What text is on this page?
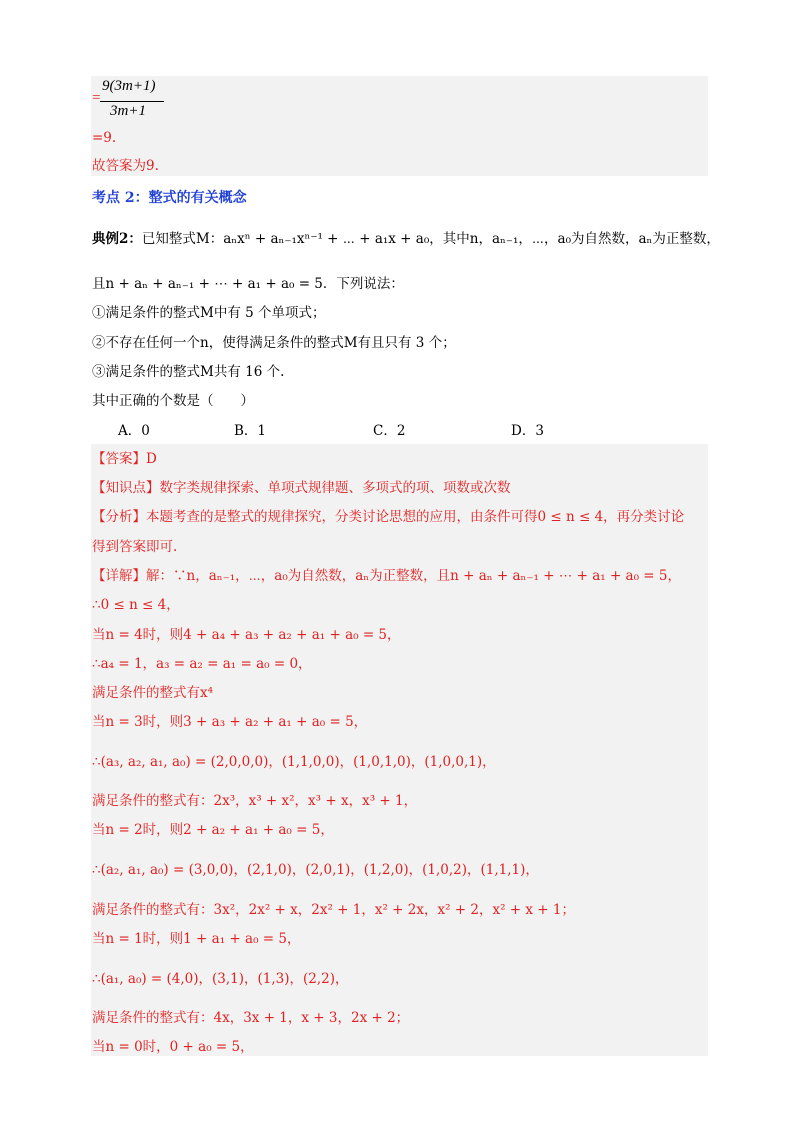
=
9(3m+1)
3m+1
=9.
故答案为9.
考点 2：整式的有关概念
典例2：已知整式M：aₙxⁿ + aₙ₋₁xⁿ⁻¹ + ⋯ + a₁x + a₀，其中n，aₙ₋₁，⋯，a₀为自然数，aₙ为正整数，
且n + aₙ + aₙ₋₁ + ⋯ + a₁ + a₀ = 5．下列说法：
①满足条件的整式M中有 5 个单项式；
②不存在任何一个n，使得满足条件的整式M有且只有 3 个；
③满足条件的整式M共有 16 个.
其中正确的个数是（　　）
A．0	B．1	C．2	D．3
【答案】D
【知识点】数字类规律探索、单项式规律题、多项式的项、项数或次数
【分析】本题考查的是整式的规律探究，分类讨论思想的应用，由条件可得0 ≤ n ≤ 4，再分类讨论
得到答案即可.
【详解】解：∵n，aₙ₋₁，⋯，a₀为自然数，aₙ为正整数，且n + aₙ + aₙ₋₁ + ⋯ + a₁ + a₀ = 5，
∴0 ≤ n ≤ 4，
当n = 4时，则4 + a₄ + a₃ + a₂ + a₁ + a₀ = 5，
∴a₄ = 1，a₃ = a₂ = a₁ = a₀ = 0，
满足条件的整式有x⁴
当n = 3时，则3 + a₃ + a₂ + a₁ + a₀ = 5，
∴(a₃, a₂, a₁, a₀) = (2,0,0,0)，(1,1,0,0)，(1,0,1,0)，(1,0,0,1)，
满足条件的整式有：2x³，x³ + x²，x³ + x，x³ + 1，
当n = 2时，则2 + a₂ + a₁ + a₀ = 5，
∴(a₂, a₁, a₀) = (3,0,0)，(2,1,0)，(2,0,1)，(1,2,0)，(1,0,2)，(1,1,1)，
满足条件的整式有：3x²，2x² + x，2x² + 1，x² + 2x，x² + 2，x² + x + 1；
当n = 1时，则1 + a₁ + a₀ = 5，
∴(a₁, a₀) = (4,0)，(3,1)，(1,3)，(2,2)，
满足条件的整式有：4x，3x + 1，x + 3，2x + 2；
当n = 0时，0 + a₀ = 5，
